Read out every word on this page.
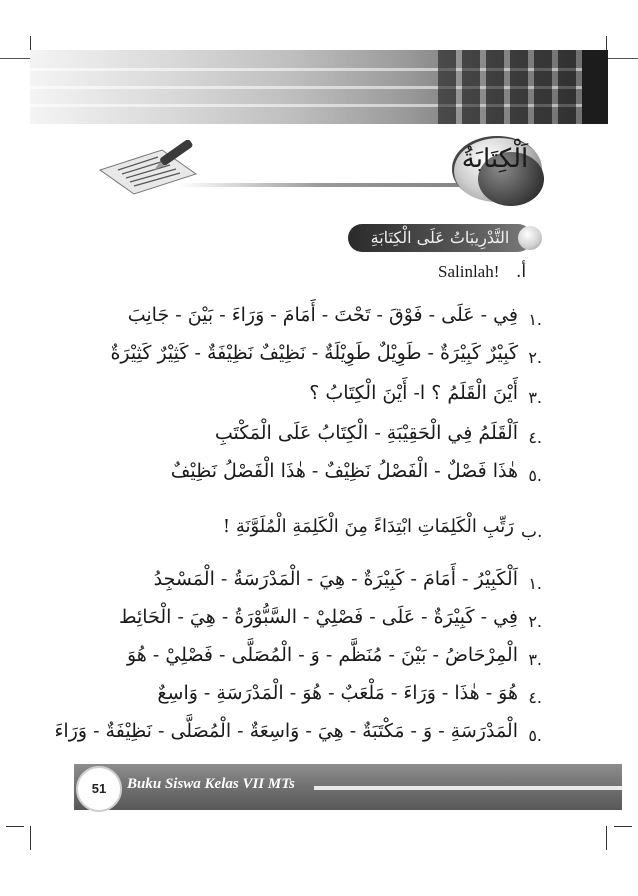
اَلْكِتَابَةُ
التَّدْرِيبَاتُ عَلَى الْكِتَابَةِ
Salinlah! .أ
.١
فِي - عَلَى - فَوْقَ - تَحْتَ - أَمَامَ - وَرَاءَ - بَيْنَ - جَانِبَ
.٢
كَبِيْرٌ كَبِيْرَةٌ - طَوِيْلٌ طَوِيْلَةٌ - نَظِيْفٌ نَظِيْفَةٌ - كَثِيْرٌ كَثِيْرَةٌ
.٣
أَيْنَ الْقَلَمُ ؟ ا- أَيْنَ الْكِتَابُ ؟
.٤
اَلْقَلَمُ فِي الْحَقِيْبَةِ - الْكِتَابُ عَلَى الْمَكْتَبِ
.٥
هٰذَا فَصْلٌ - الْفَصْلُ نَظِيْفٌ - هٰذَا الْفَصْلُ نَظِيْفٌ
ب.
رَتِّبِ الْكَلِمَاتِ ابْتِدَاءً مِنَ الْكَلِمَةِ الْمُلَوَّنَةِ !
.١
اَلْكَبِيْرُ - أَمَامَ - كَبِيْرَةٌ - هِيَ - الْمَدْرَسَةُ - الْمَسْجِدُ
.٢
فِي - كَبِيْرَةٌ - عَلَى - فَصْلِيْ - السَّبُّوْرَةُ - هِيَ - الْحَائِط
.٣
الْمِرْحَاضُ - بَيْنَ - مُنَظَّم - وَ - الْمُصَلَّى - فَصْلِيْ - هُوَ
.٤
هُوَ - هٰذَا - وَرَاءَ - مَلْعَبٌ - هُوَ - الْمَدْرَسَةِ - وَاسِعٌ
.٥
الْمَدْرَسَةِ - وَ - مَكْتَبَةٌ - هِيَ - وَاسِعَةٌ - الْمُصَلَّى - نَظِيْفَةٌ - وَرَاءَ
51	Buku Siswa Kelas VII MTs
